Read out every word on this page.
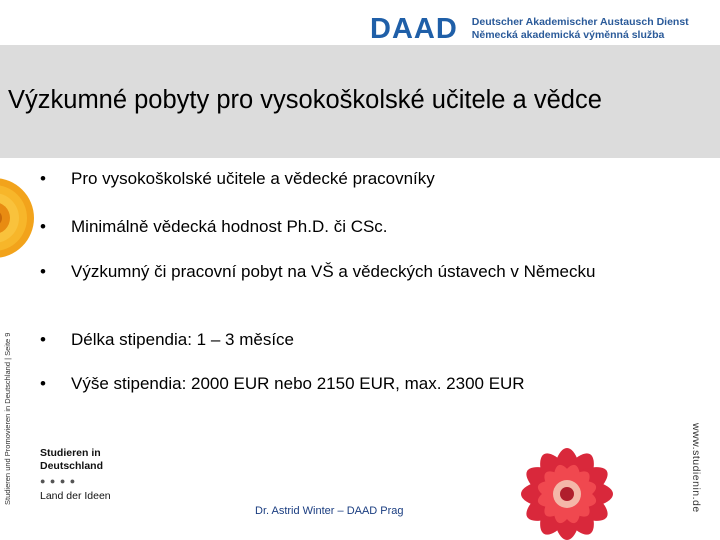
DAAD Deutscher Akademischer Austausch Dienst
Německá akademická výměnná služba
Výzkumné pobyty pro vysokoškolské učitele a vědce
Studieren und Promovieren in Deutschland | Seite 9
• Pro vysokoškolské učitele a vědecké pracovníky
• Minimálně vědecká hodnost Ph.D. či CSc.
• Výzkumný či pracovní pobyt na VŠ a vědeckých ústavech v Německu
• Délka stipendia: 1 – 3 měsíce
• Výše stipendia: 2000 EUR nebo 2150 EUR, max. 2300 EUR
www.studienin.de
Studieren in
Deutschland
● ● ● ●
Land der Ideen
Dr. Astrid Winter – DAAD Prag
